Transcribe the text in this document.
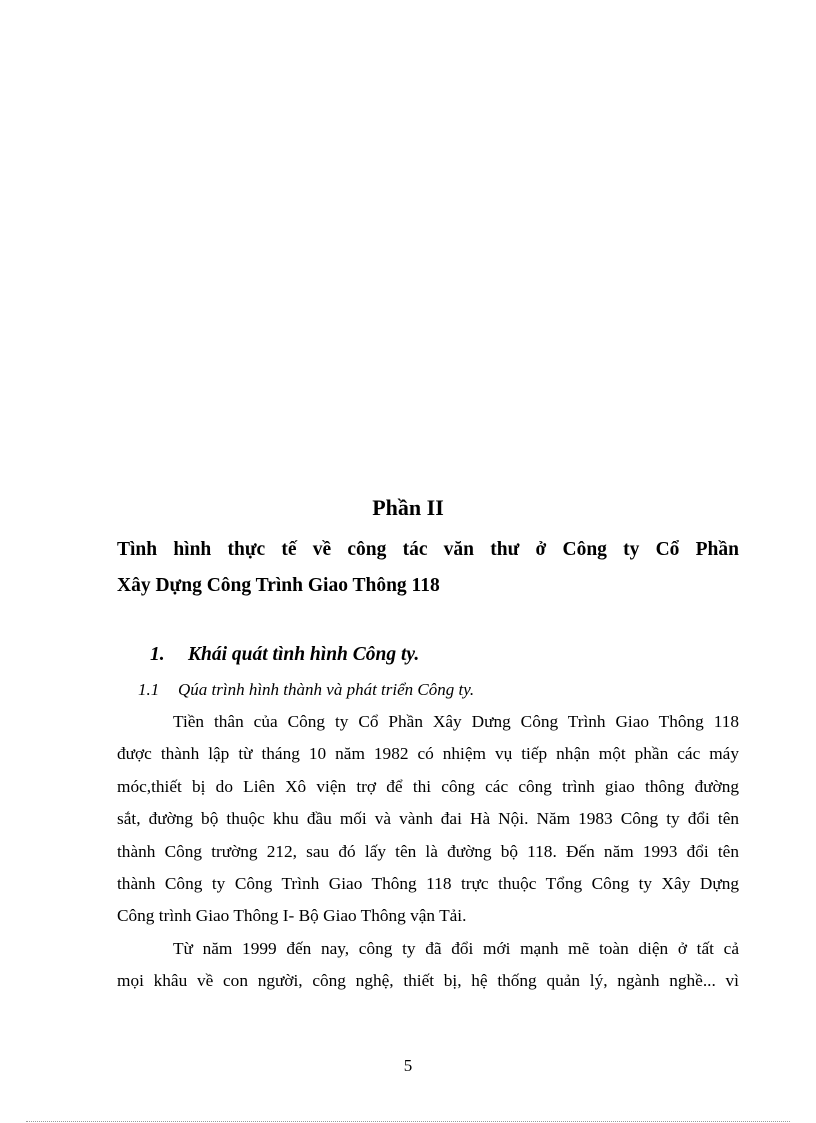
Phần II
Tình hình thực tế về công tác văn thư ở Công ty Cổ Phần
Xây Dựng Công Trình Giao Thông 118
1. Khái quát tình hình Công ty.
1.1 Qúa trình hình thành và phát triển Công ty.
Tiền thân của Công ty Cổ Phần Xây Dưng Công Trình Giao Thông 118
được thành lập từ tháng 10 năm 1982 có nhiệm vụ tiếp nhận một phần các máy
móc,thiết bị do Liên Xô viện trợ để thi công các công trình giao thông đường
sắt, đường bộ thuộc khu đầu mối và vành đai Hà Nội. Năm 1983 Công ty đổi tên
thành Công trường 212, sau đó lấy tên là đường bộ 118. Đến năm 1993 đổi tên
thành Công ty Công Trình Giao Thông 118 trực thuộc Tổng Công ty Xây Dựng
Công trình Giao Thông I- Bộ Giao Thông vận Tải.
Từ năm 1999 đến nay, công ty đã đổi mới mạnh mẽ toàn diện ở tất cả
mọi khâu về con người, công nghệ, thiết bị, hệ thống quản lý, ngành nghề... vì
5
